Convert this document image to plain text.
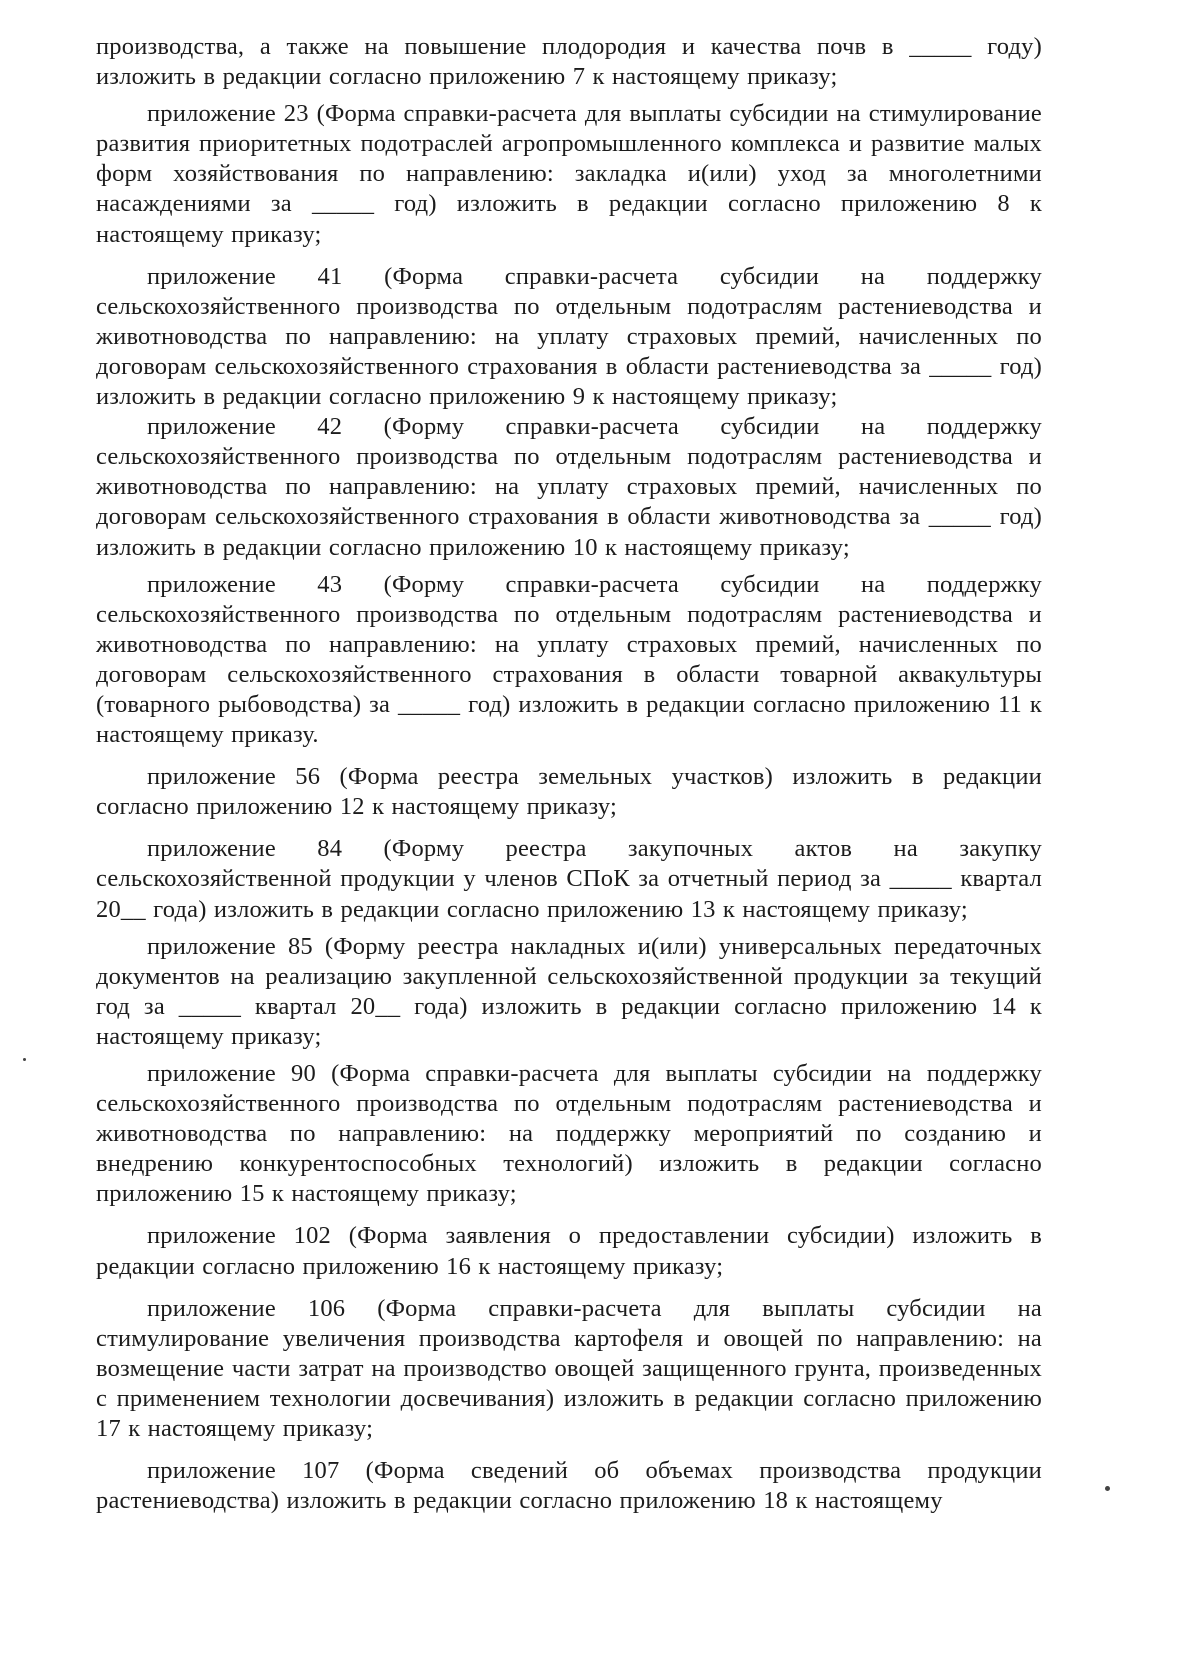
производства, а также на повышение плодородия и качества почв в _____ году) изложить в редакции согласно приложению 7 к настоящему приказу;

приложение 23 (Форма справки-расчета для выплаты субсидии на стимулирование развития приоритетных подотраслей агропромышленного комплекса и развитие малых форм хозяйствования по направлению: закладка и(или) уход за многолетними насаждениями за _____ год) изложить в редакции согласно приложению 8 к настоящему приказу;

приложение 41 (Форма справки-расчета субсидии на поддержку сельскохозяйственного производства по отдельным подотраслям растениеводства и животноводства по направлению: на уплату страховых премий, начисленных по договорам сельскохозяйственного страхования в области растениеводства за _____ год) изложить в редакции согласно приложению 9 к настоящему приказу;

приложение 42 (Форму справки-расчета субсидии на поддержку сельскохозяйственного производства по отдельным подотраслям растениеводства и животноводства по направлению: на уплату страховых премий, начисленных по договорам сельскохозяйственного страхования в области животноводства за _____ год) изложить в редакции согласно приложению 10 к настоящему приказу;

приложение 43 (Форму справки-расчета субсидии на поддержку сельскохозяйственного производства по отдельным подотраслям растениеводства и животноводства по направлению: на уплату страховых премий, начисленных по договорам сельскохозяйственного страхования в области товарной аквакультуры (товарного рыбоводства) за _____ год) изложить в редакции согласно приложению 11 к настоящему приказу.

приложение 56 (Форма реестра земельных участков) изложить в редакции согласно приложению 12 к настоящему приказу;

приложение 84 (Форму реестра закупочных актов на закупку сельскохозяйственной продукции у членов СПоК за отчетный период за _____ квартал 20__ года) изложить в редакции согласно приложению 13 к настоящему приказу;

приложение 85 (Форму реестра накладных и(или) универсальных передаточных документов на реализацию закупленной сельскохозяйственной продукции за текущий год за _____ квартал 20__ года) изложить в редакции согласно приложению 14 к настоящему приказу;

приложение 90 (Форма справки-расчета для выплаты субсидии на поддержку сельскохозяйственного производства по отдельным подотраслям растениеводства и животноводства по направлению: на поддержку мероприятий по созданию и внедрению конкурентоспособных технологий) изложить в редакции согласно приложению 15 к настоящему приказу;

приложение 102 (Форма заявления о предоставлении субсидии) изложить в редакции согласно приложению 16 к настоящему приказу;

приложение 106 (Форма справки-расчета для выплаты субсидии на стимулирование увеличения производства картофеля и овощей по направлению: на возмещение части затрат на производство овощей защищенного грунта, произведенных с применением технологии досвечивания) изложить в редакции согласно приложению 17 к настоящему приказу;

приложение 107 (Форма сведений об объемах производства продукции растениеводства) изложить в редакции согласно приложению 18 к настоящему
